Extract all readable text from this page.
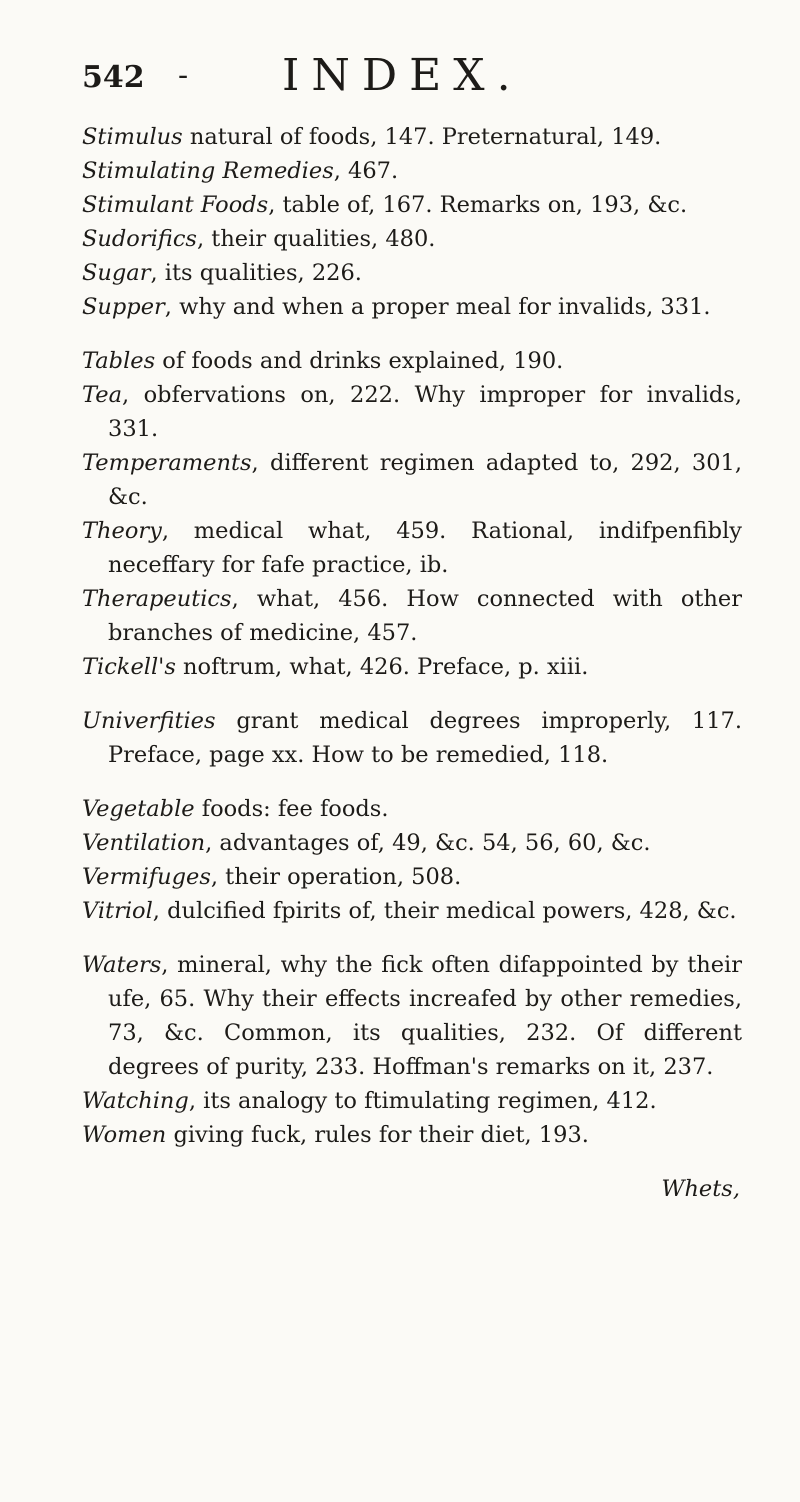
542 - INDEX.
Stimulus natural of foods, 147. Preternatural, 149.
Stimulating Remedies, 467.
Stimulant Foods, table of, 167. Remarks on, 193, &c.
Sudorifics, their qualities, 480.
Sugar, its qualities, 226.
Supper, why and when a proper meal for invalids, 331.
Tables of foods and drinks explained, 190.
Tea, obfervations on, 222. Why improper for invalids, 331.
Temperaments, different regimen adapted to, 292, 301, &c.
Theory, medical what, 459. Rational, indifpenfibly neceffary for fafe practice, ib.
Therapeutics, what, 456. How connected with other branches of medicine, 457.
Tickell's noftrum, what, 426. Preface, p. xiii.
Univerfities grant medical degrees improperly, 117. Preface, page xx. How to be remedied, 118.
Vegetable foods: fee foods.
Ventilation, advantages of, 49, &c. 54, 56, 60, &c.
Vermifuges, their operation, 508.
Vitriol, dulcified fpirits of, their medical powers, 428, &c.
Waters, mineral, why the fick often difappointed by their ufe, 65. Why their effects increafed by other remedies, 73, &c. Common, its qualities, 232. Of different degrees of purity, 233. Hoffman's remarks on it, 237.
Watching, its analogy to ftimulating regimen, 412.
Women giving fuck, rules for their diet, 193.
Whets,
